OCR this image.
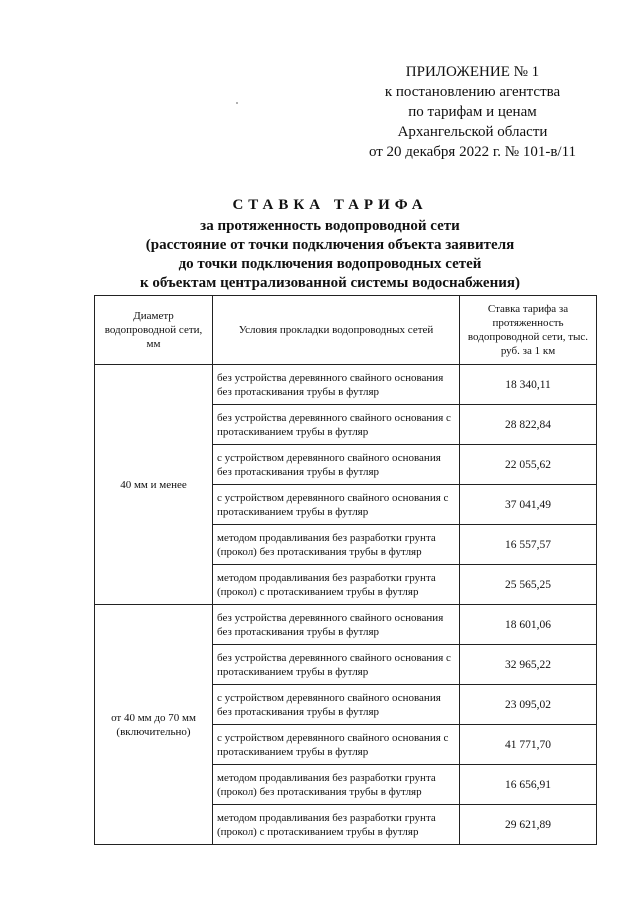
ПРИЛОЖЕНИЕ № 1
к постановлению агентства
по тарифам и ценам
Архангельской области
от 20 декабря 2022 г. № 101-в/11
СТАВКА ТАРИФА
за протяженность водопроводной сети
(расстояние от точки подключения объекта заявителя
до точки подключения водопроводных сетей
к объектам централизованной системы водоснабжения)
Диаметр водопроводной сети, мм	Условия прокладки водопроводных сетей	Ставка тарифа за протяженность водопроводной сети, тыс. руб. за 1 км
40 мм и менее	без устройства деревянного свайного основания без протаскивания трубы в футляр	18 340,11
	без устройства деревянного свайного основания с протаскиванием трубы в футляр	28 822,84
	с устройством деревянного свайного основания без протаскивания трубы в футляр	22 055,62
	с устройством деревянного свайного основания с протаскиванием трубы в футляр	37 041,49
	методом продавливания без разработки грунта (прокол) без протаскивания трубы в футляр	16 557,57
	методом продавливания без разработки грунта (прокол) с протаскиванием трубы в футляр	25 565,25
от 40 мм до 70 мм (включительно)	без устройства деревянного свайного основания без протаскивания трубы в футляр	18 601,06
	без устройства деревянного свайного основания с протаскиванием трубы в футляр	32 965,22
	с устройством деревянного свайного основания без протаскивания трубы в футляр	23 095,02
	с устройством деревянного свайного основания с протаскиванием трубы в футляр	41 771,70
	методом продавливания без разработки грунта (прокол) без протаскивания трубы в футляр	16 656,91
	методом продавливания без разработки грунта (прокол) с протаскиванием трубы в футляр	29 621,89
